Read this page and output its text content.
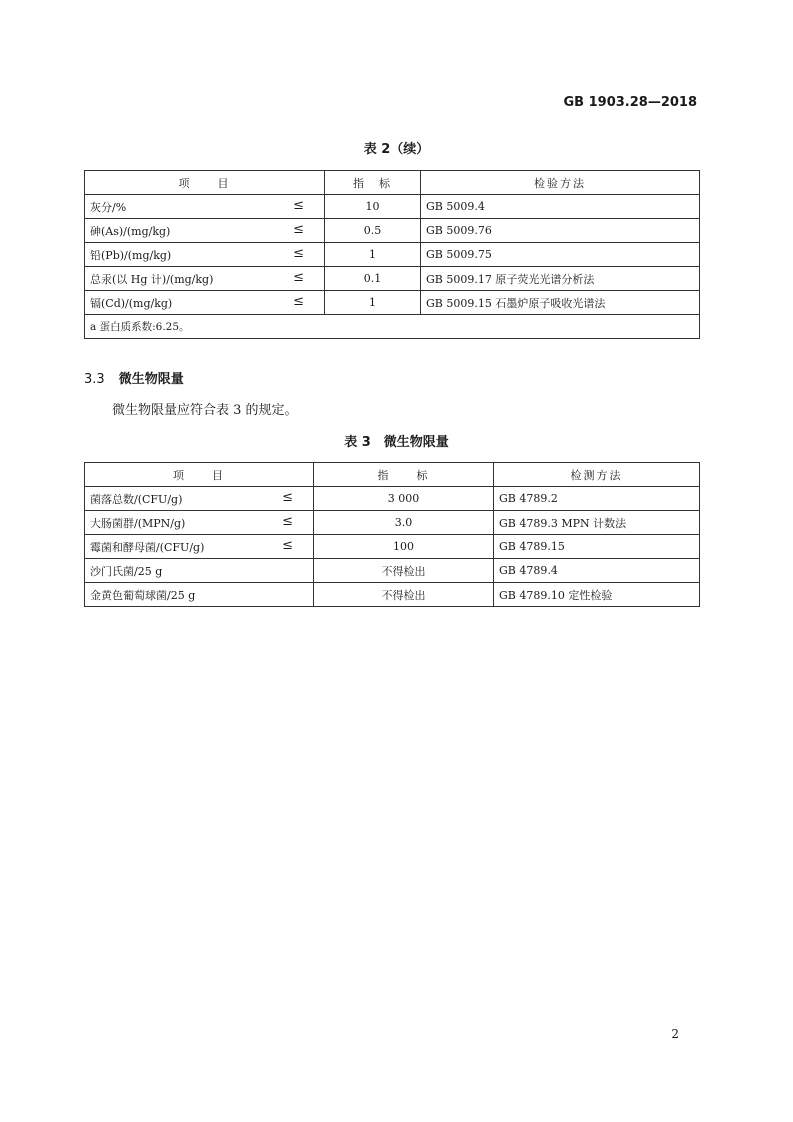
GB 1903.28—2018
表 2（续）
项　　目	指　标	检验方法
灰分/% ≤	10	GB 5009.4
砷(As)/(mg/kg) ≤	0.5	GB 5009.76
铅(Pb)/(mg/kg) ≤	1	GB 5009.75
总汞(以 Hg 计)/(mg/kg) ≤	0.1	GB 5009.17 原子荧光光谱分析法
镉(Cd)/(mg/kg) ≤	1	GB 5009.15 石墨炉原子吸收光谱法
a 蛋白质系数:6.25。		
3.3 微生物限量
微生物限量应符合表 3 的规定。
表 3　微生物限量
项　　目	指　　标	检测方法
菌落总数/(CFU/g) ≤	3 000	GB 4789.2
大肠菌群/(MPN/g) ≤	3.0	GB 4789.3 MPN 计数法
霉菌和酵母菌/(CFU/g) ≤	100	GB 4789.15
沙门氏菌/25 g	不得检出	GB 4789.4
金黄色葡萄球菌/25 g	不得检出	GB 4789.10 定性检验
2
